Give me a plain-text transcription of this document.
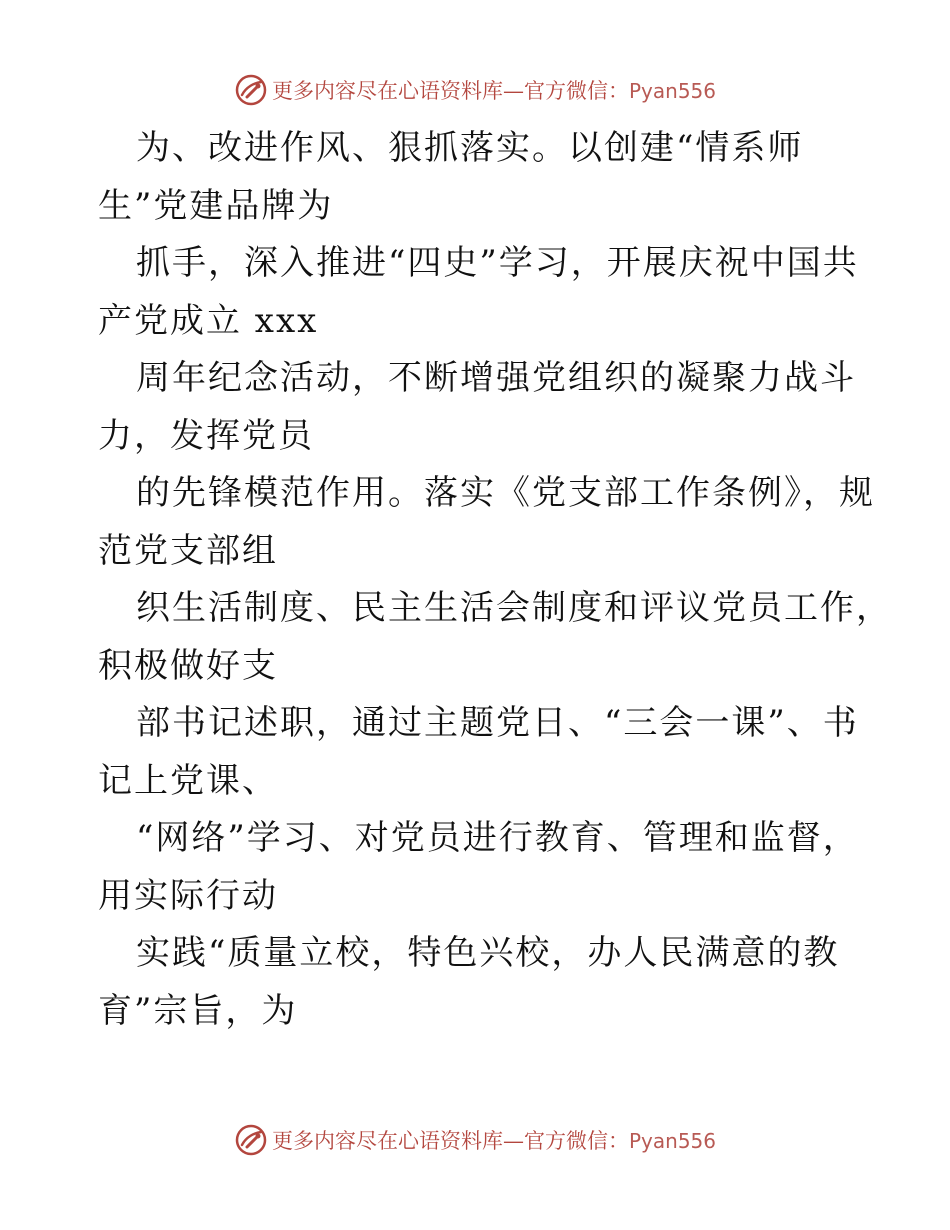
更多内容尽在心语资料库—官方微信：Pyan556
为、改进作风、狠抓落实。以创建“情系师
生”党建品牌为
抓手，深入推进“四史”学习，开展庆祝中国共
产党成立 xxx
周年纪念活动，不断增强党组织的凝聚力战斗
力，发挥党员
的先锋模范作用。落实《党支部工作条例》，规
范党支部组
织生活制度、民主生活会制度和评议党员工作，
积极做好支
部书记述职，通过主题党日、“三会一课”、书
记上党课、
“网络”学习、对党员进行教育、管理和监督，
用实际行动
实践“质量立校，特色兴校，办人民满意的教
育”宗旨，为
更多内容尽在心语资料库—官方微信：Pyan556
